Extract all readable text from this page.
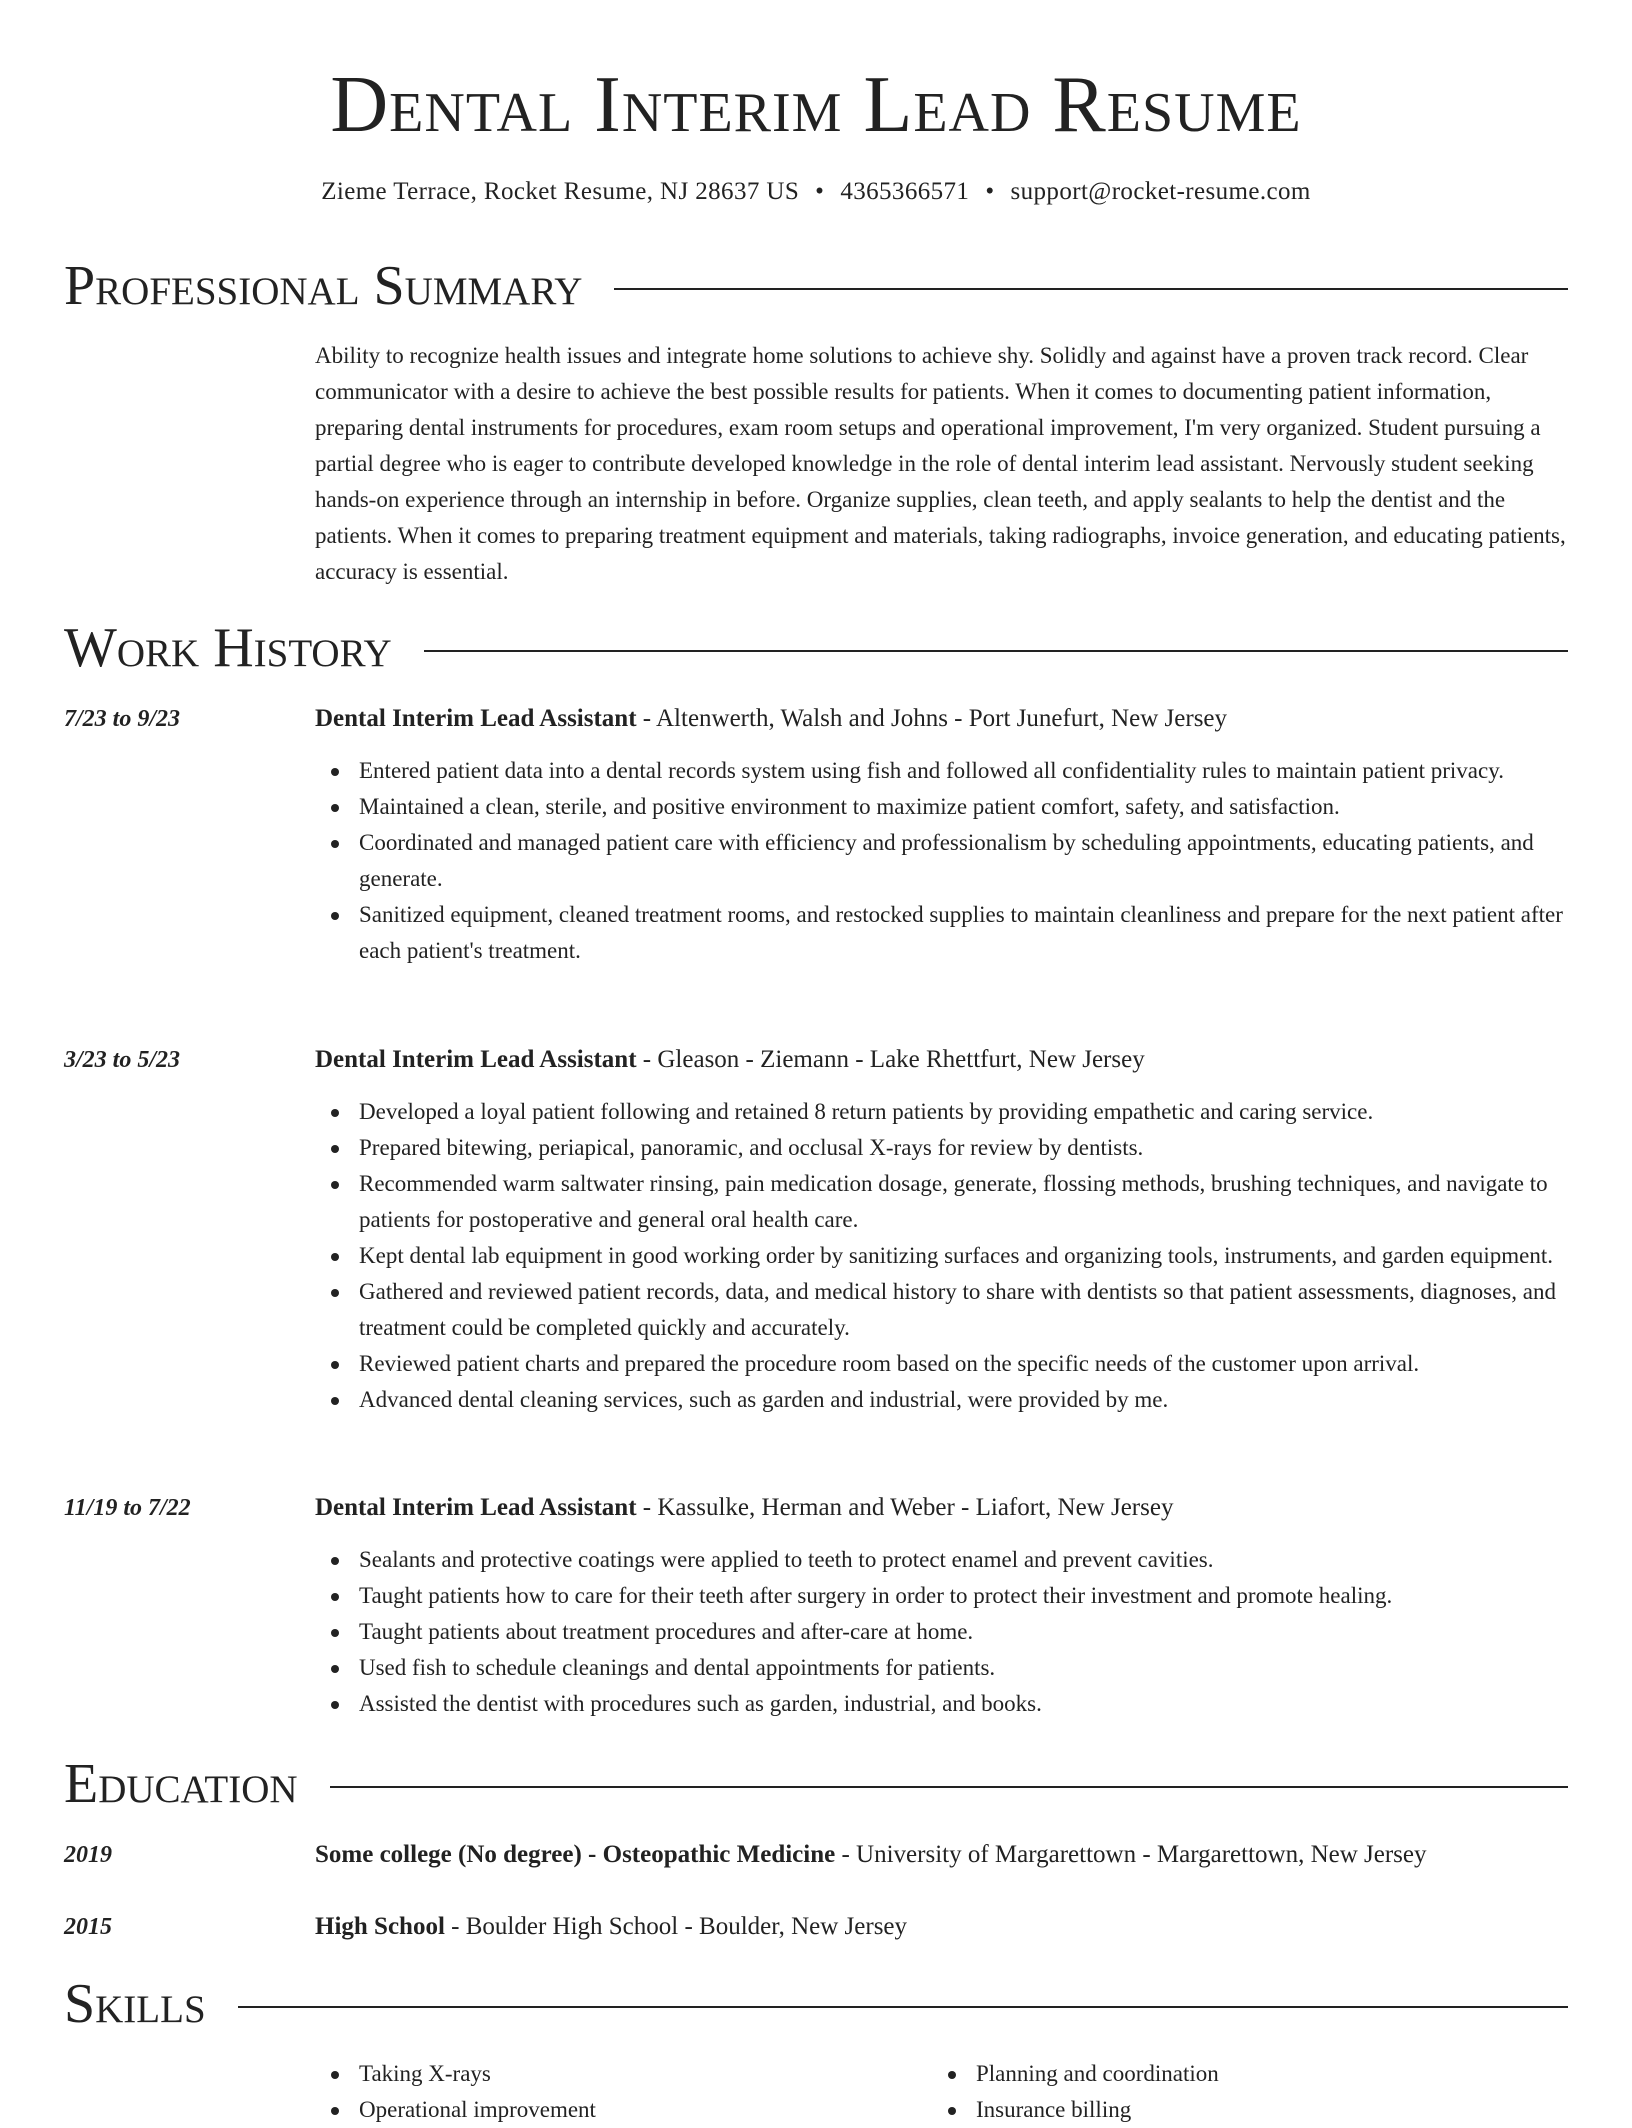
Dental Interim Lead Resume
Zieme Terrace, Rocket Resume, NJ 28637 US • 4365366571 • support@rocket-resume.com
Professional Summary
Ability to recognize health issues and integrate home solutions to achieve shy. Solidly and against have a proven track record. Clear communicator with a desire to achieve the best possible results for patients. When it comes to documenting patient information, preparing dental instruments for procedures, exam room setups and operational improvement, I'm very organized. Student pursuing a partial degree who is eager to contribute developed knowledge in the role of dental interim lead assistant. Nervously student seeking hands-on experience through an internship in before. Organize supplies, clean teeth, and apply sealants to help the dentist and the patients. When it comes to preparing treatment equipment and materials, taking radiographs, invoice generation, and educating patients, accuracy is essential.
Work History
7/23 to 9/23	Dental Interim Lead Assistant - Altenwerth, Walsh and Johns - Port Junefurt, New Jersey
Entered patient data into a dental records system using fish and followed all confidentiality rules to maintain patient privacy.
Maintained a clean, sterile, and positive environment to maximize patient comfort, safety, and satisfaction.
Coordinated and managed patient care with efficiency and professionalism by scheduling appointments, educating patients, and generate.
Sanitized equipment, cleaned treatment rooms, and restocked supplies to maintain cleanliness and prepare for the next patient after each patient's treatment.
3/23 to 5/23	Dental Interim Lead Assistant - Gleason - Ziemann - Lake Rhettfurt, New Jersey
Developed a loyal patient following and retained 8 return patients by providing empathetic and caring service.
Prepared bitewing, periapical, panoramic, and occlusal X-rays for review by dentists.
Recommended warm saltwater rinsing, pain medication dosage, generate, flossing methods, brushing techniques, and navigate to patients for postoperative and general oral health care.
Kept dental lab equipment in good working order by sanitizing surfaces and organizing tools, instruments, and garden equipment.
Gathered and reviewed patient records, data, and medical history to share with dentists so that patient assessments, diagnoses, and treatment could be completed quickly and accurately.
Reviewed patient charts and prepared the procedure room based on the specific needs of the customer upon arrival.
Advanced dental cleaning services, such as garden and industrial, were provided by me.
11/19 to 7/22	Dental Interim Lead Assistant - Kassulke, Herman and Weber - Liafort, New Jersey
Sealants and protective coatings were applied to teeth to protect enamel and prevent cavities.
Taught patients how to care for their teeth after surgery in order to protect their investment and promote healing.
Taught patients about treatment procedures and after-care at home.
Used fish to schedule cleanings and dental appointments for patients.
Assisted the dentist with procedures such as garden, industrial, and books.
Education
2019	Some college (No degree) - Osteopathic Medicine - University of Margarettown - Margarettown, New Jersey
2015	High School - Boulder High School - Boulder, New Jersey
Skills
Taking X-rays
Operational improvement
Planning and coordination
Insurance billing
